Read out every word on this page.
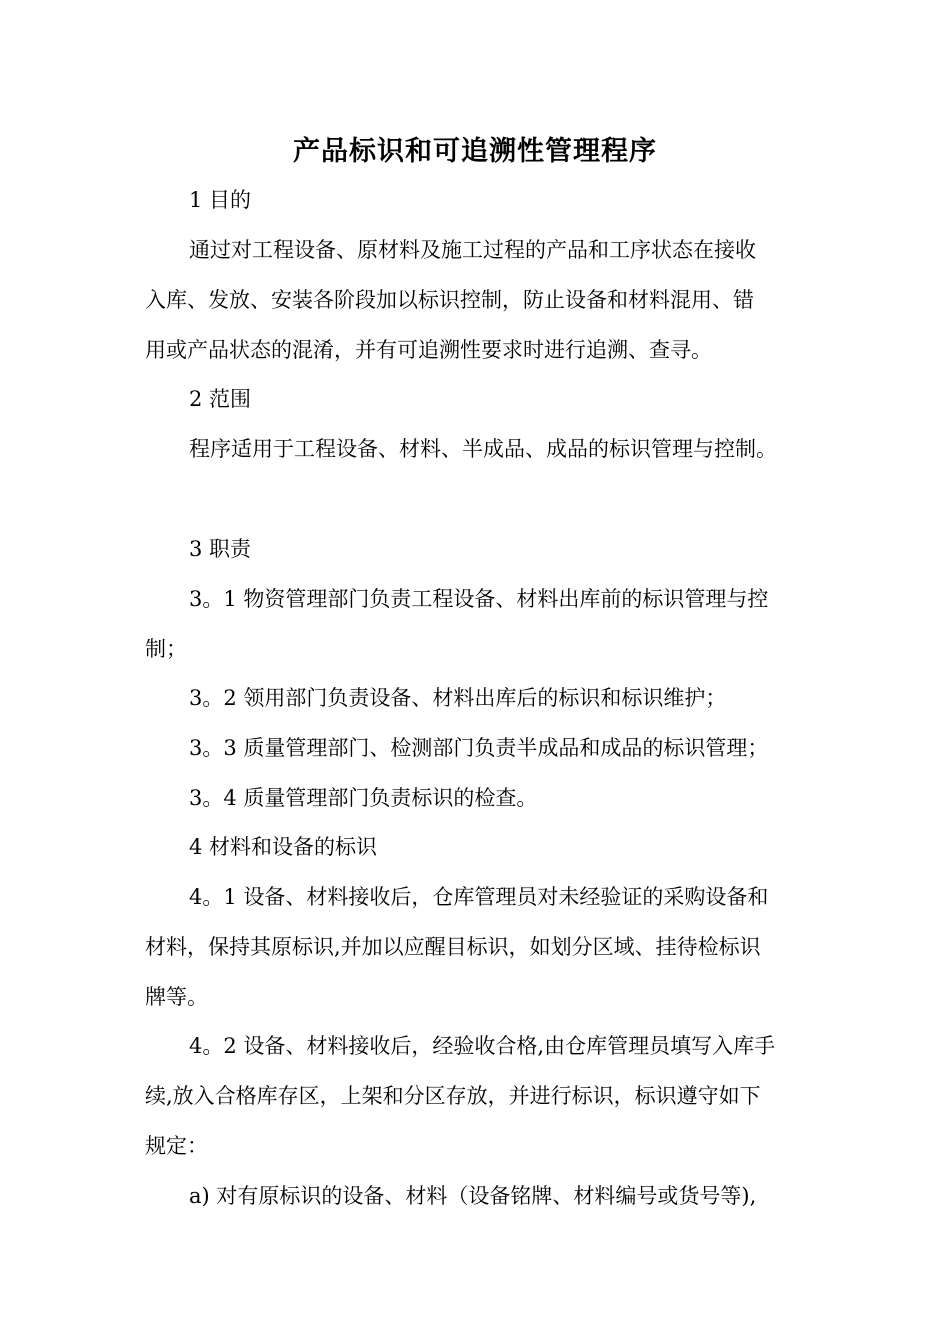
产品标识和可追溯性管理程序
1 目的
通过对工程设备、原材料及施工过程的产品和工序状态在接收
入库、发放、安装各阶段加以标识控制，防止设备和材料混用、错
用或产品状态的混淆，并有可追溯性要求时进行追溯、查寻。
2 范围
程序适用于工程设备、材料、半成品、成品的标识管理与控制。
3 职责
3。1 物资管理部门负责工程设备、材料出库前的标识管理与控
制；
3。2 领用部门负责设备、材料出库后的标识和标识维护；
3。3 质量管理部门、检测部门负责半成品和成品的标识管理；
3。4 质量管理部门负责标识的检查。
4 材料和设备的标识
4。1 设备、材料接收后，仓库管理员对未经验证的采购设备和
材料，保持其原标识,并加以应醒目标识，如划分区域、挂待检标识
牌等。
4。2 设备、材料接收后，经验收合格,由仓库管理员填写入库手
续,放入合格库存区，上架和分区存放，并进行标识，标识遵守如下
规定：
a) 对有原标识的设备、材料（设备铭牌、材料编号或货号等),
